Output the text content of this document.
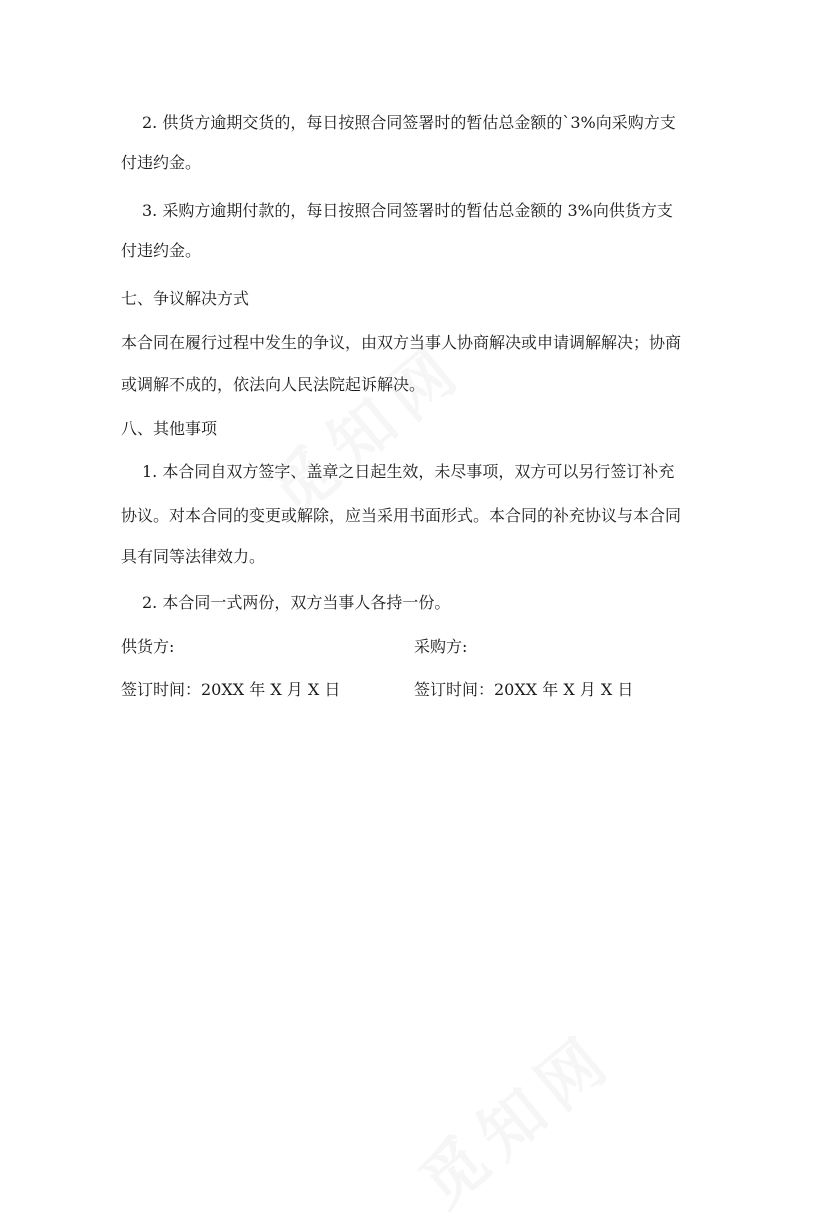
2. 供货方逾期交货的，每日按照合同签署时的暂估总金额的`3%向采购方支
付违约金。
3. 采购方逾期付款的，每日按照合同签署时的暂估总金额的 3%向供货方支
付违约金。
七、争议解决方式
本合同在履行过程中发生的争议，由双方当事人协商解决或申请调解解决；协商
或调解不成的，依法向人民法院起诉解决。
八、其他事项
1. 本合同自双方签字、盖章之日起生效，未尽事项，双方可以另行签订补充
协议。对本合同的变更或解除，应当采用书面形式。本合同的补充协议与本合同
具有同等法律效力。
2. 本合同一式两份，双方当事人各持一份。
供货方:	采购方:
签订时间：20XX 年 X 月 X 日	签订时间：20XX 年 X 月 X 日
